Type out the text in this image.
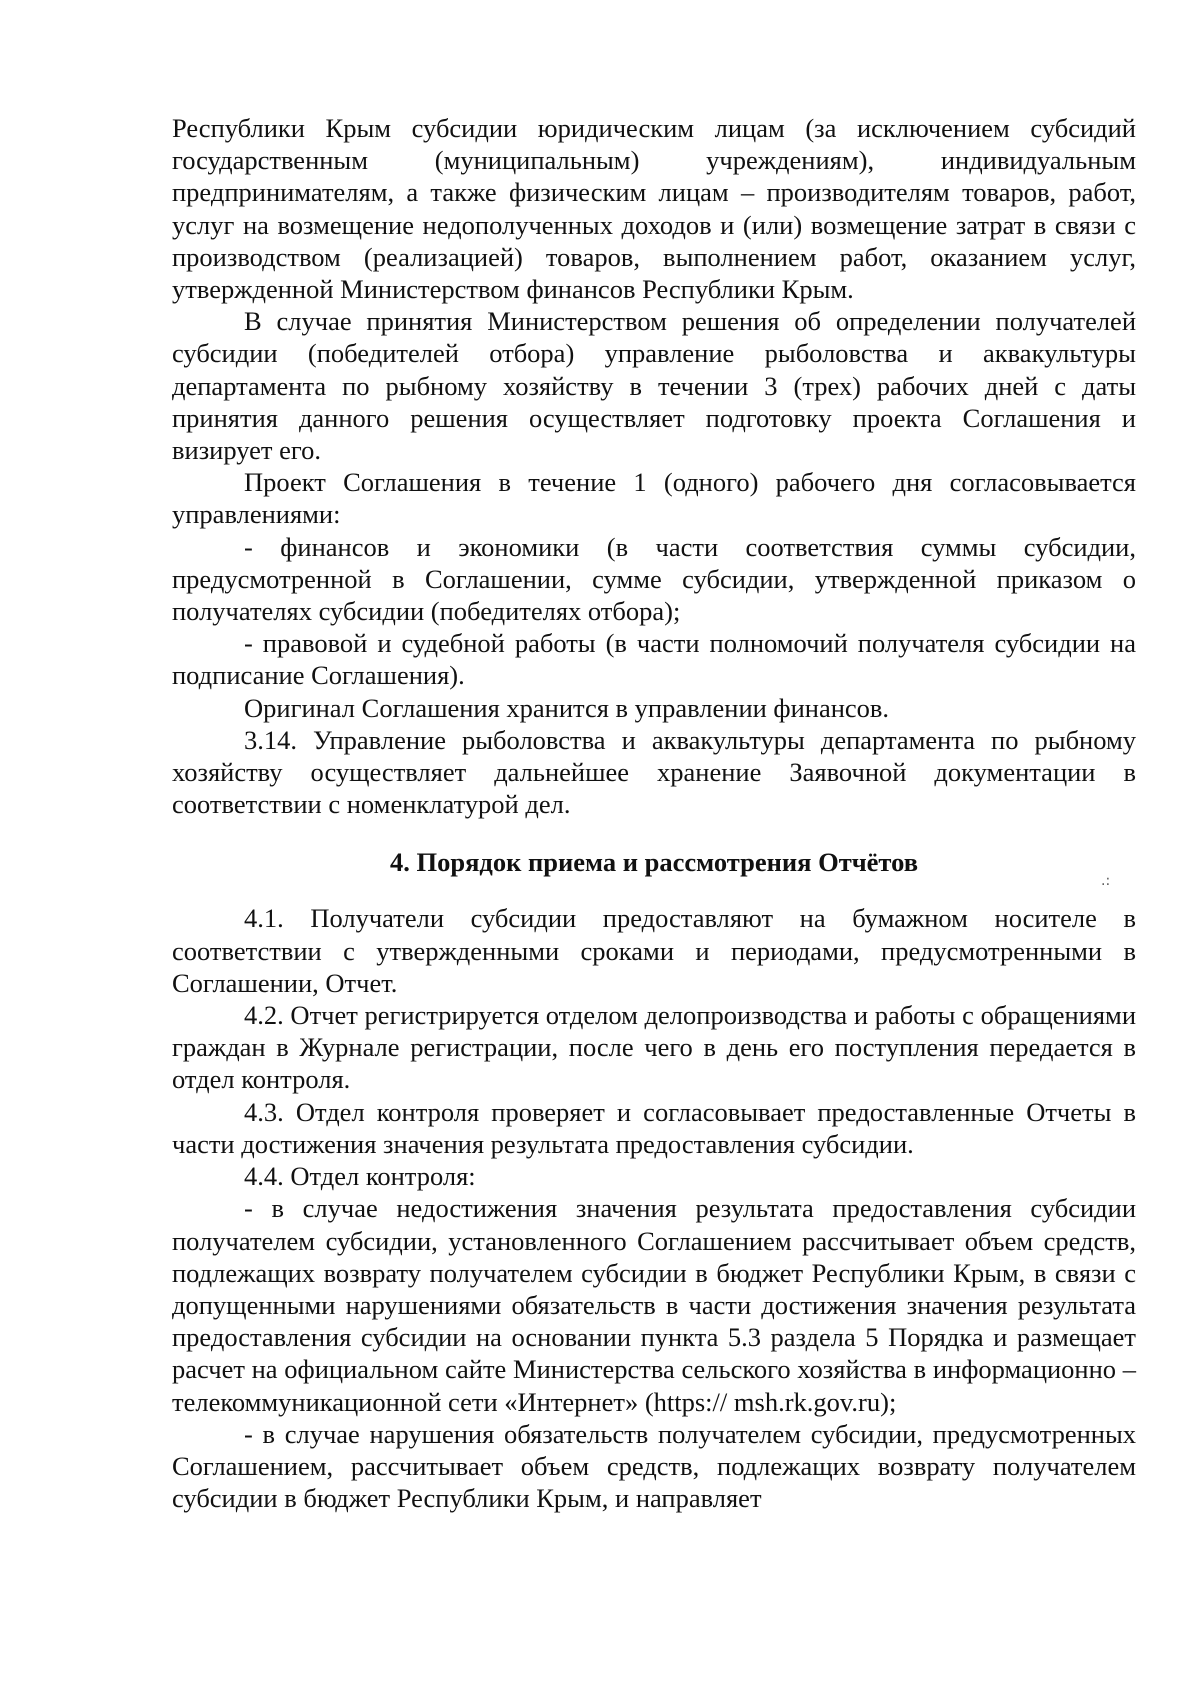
Республики Крым субсидии юридическим лицам (за исключением субсидий государственным (муниципальным) учреждениям), индивидуальным предпринимателям, а также физическим лицам – производителям товаров, работ, услуг на возмещение недополученных доходов и (или) возмещение затрат в связи с производством (реализацией) товаров, выполнением работ, оказанием услуг, утвержденной Министерством финансов Республики Крым.

В случае принятия Министерством решения об определении получателей субсидии (победителей отбора) управление рыболовства и аквакультуры департамента по рыбному хозяйству в течении 3 (трех) рабочих дней с даты принятия данного решения осуществляет подготовку проекта Соглашения и визирует его.

Проект Соглашения в течение 1 (одного) рабочего дня согласовывается управлениями:

- финансов и экономики (в части соответствия суммы субсидии, предусмотренной в Соглашении, сумме субсидии, утвержденной приказом о получателях субсидии (победителях отбора);

- правовой и судебной работы (в части полномочий получателя субсидии на подписание Соглашения).

Оригинал Соглашения хранится в управлении финансов.

3.14. Управление рыболовства и аквакультуры департамента по рыбному хозяйству осуществляет дальнейшее хранение Заявочной документации в соответствии с номенклатурой дел.

4. Порядок приема и рассмотрения Отчётов

4.1. Получатели субсидии предоставляют на бумажном носителе в соответствии с утвержденными сроками и периодами, предусмотренными в Соглашении, Отчет.

4.2. Отчет регистрируется отделом делопроизводства и работы с обращениями граждан в Журнале регистрации, после чего в день его поступления передается в отдел контроля.

4.3. Отдел контроля проверяет и согласовывает предоставленные Отчеты в части достижения значения результата предоставления субсидии.

4.4. Отдел контроля:

- в случае недостижения значения результата предоставления субсидии получателем субсидии, установленного Соглашением рассчитывает объем средств, подлежащих возврату получателем субсидии в бюджет Республики Крым, в связи с допущенными нарушениями обязательств в части достижения значения результата предоставления субсидии на основании пункта 5.3 раздела 5 Порядка и размещает расчет на официальном сайте Министерства сельского хозяйства в информационно – телекоммуникационной сети «Интернет» (https:// msh.rk.gov.ru);

- в случае нарушения обязательств получателем субсидии, предусмотренных Соглашением, рассчитывает объем средств, подлежащих возврату получателем субсидии в бюджет Республики Крым, и направляет

.:
